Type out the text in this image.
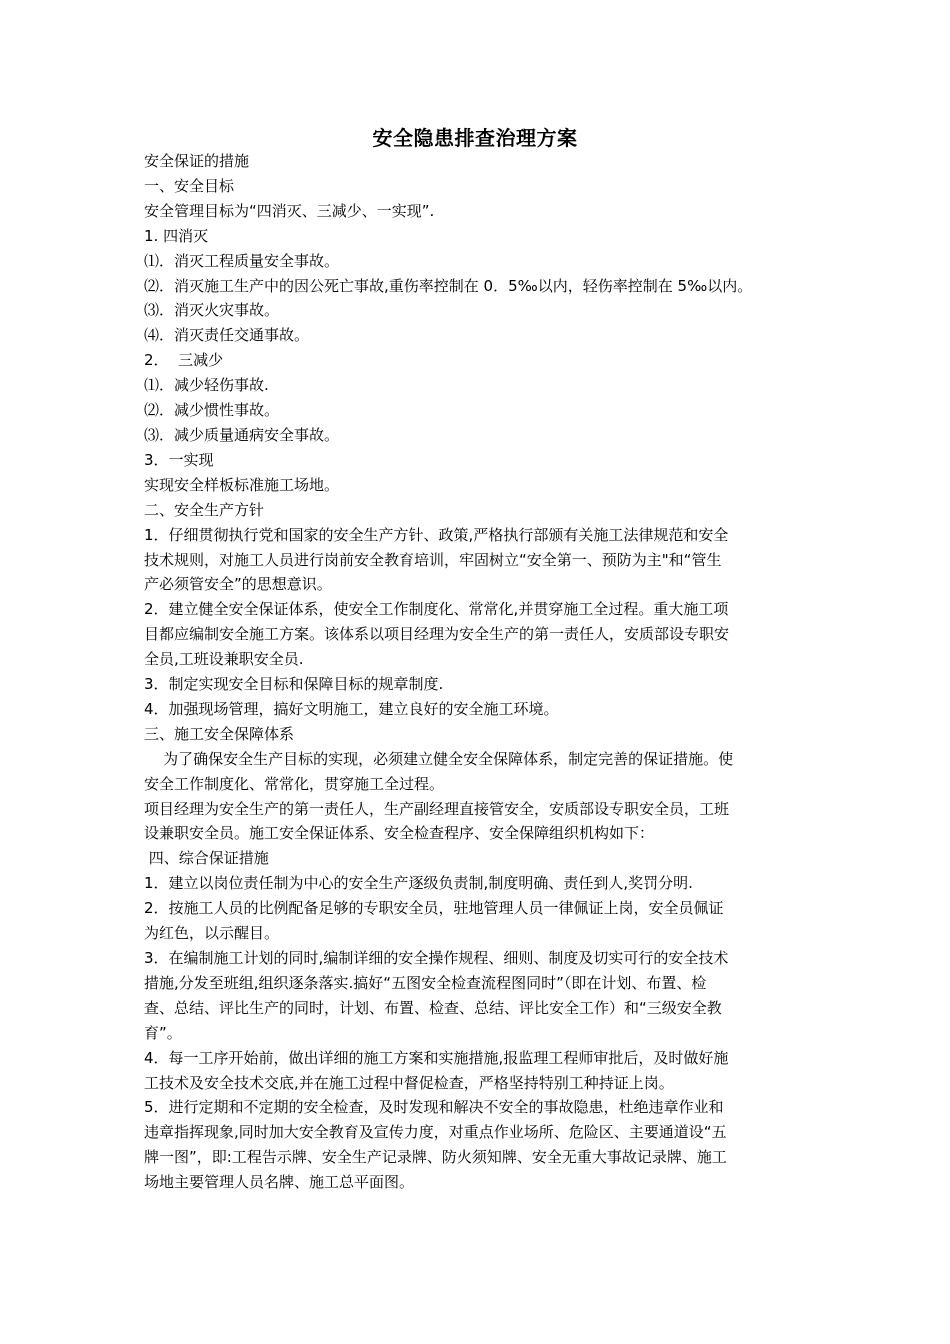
安全隐患排查治理方案
安全保证的措施
一、安全目标
安全管理目标为“四消灭、三减少、一实现”.
1. 四消灭
⑴．消灭工程质量安全事故。
⑵．消灭施工生产中的因公死亡事故,重伤率控制在 0．5‰以内，轻伤率控制在 5‰以内。
⑶．消灭火灾事故。
⑷．消灭责任交通事故。
2．  三减少
⑴．减少轻伤事故.
⑵．减少惯性事故。
⑶．减少质量通病安全事故。
3．一实现
实现安全样板标准施工场地。
二、安全生产方针
1．仔细贯彻执行党和国家的安全生产方针、政策,严格执行部颁有关施工法律规范和安全
技术规则，对施工人员进行岗前安全教育培训，牢固树立“安全第一、预防为主"和“管生
产必须管安全”的思想意识。
2．建立健全安全保证体系，使安全工作制度化、常常化,并贯穿施工全过程。重大施工项
目都应编制安全施工方案。该体系以项目经理为安全生产的第一责任人，安质部设专职安
全员,工班设兼职安全员.
3．制定实现安全目标和保障目标的规章制度.
4．加强现场管理，搞好文明施工，建立良好的安全施工环境。
三、施工安全保障体系
为了确保安全生产目标的实现，必须建立健全安全保障体系，制定完善的保证措施。使
安全工作制度化、常常化，贯穿施工全过程。
项目经理为安全生产的第一责任人，生产副经理直接管安全，安质部设专职安全员，工班
设兼职安全员。施工安全保证体系、安全检查程序、安全保障组织机构如下：
四、综合保证措施
1．建立以岗位责任制为中心的安全生产逐级负责制,制度明确、责任到人,奖罚分明.
2．按施工人员的比例配备足够的专职安全员，驻地管理人员一律佩证上岗，安全员佩证
为红色，以示醒目。
3．在编制施工计划的同时,编制详细的安全操作规程、细则、制度及切实可行的安全技术
措施,分发至班组,组织逐条落实.搞好“五图安全检查流程图同时”（即在计划、布置、检
查、总结、评比生产的同时，计划、布置、检查、总结、评比安全工作）和“三级安全教
育”。
4．每一工序开始前，做出详细的施工方案和实施措施,报监理工程师审批后，及时做好施
工技术及安全技术交底,并在施工过程中督促检查，严格坚持特别工种持证上岗。
5．进行定期和不定期的安全检查，及时发现和解决不安全的事故隐患，杜绝违章作业和
违章指挥现象,同时加大安全教育及宣传力度，对重点作业场所、危险区、主要通道设“五
牌一图”，即:工程告示牌、安全生产记录牌、防火须知牌、安全无重大事故记录牌、施工
场地主要管理人员名牌、施工总平面图。
